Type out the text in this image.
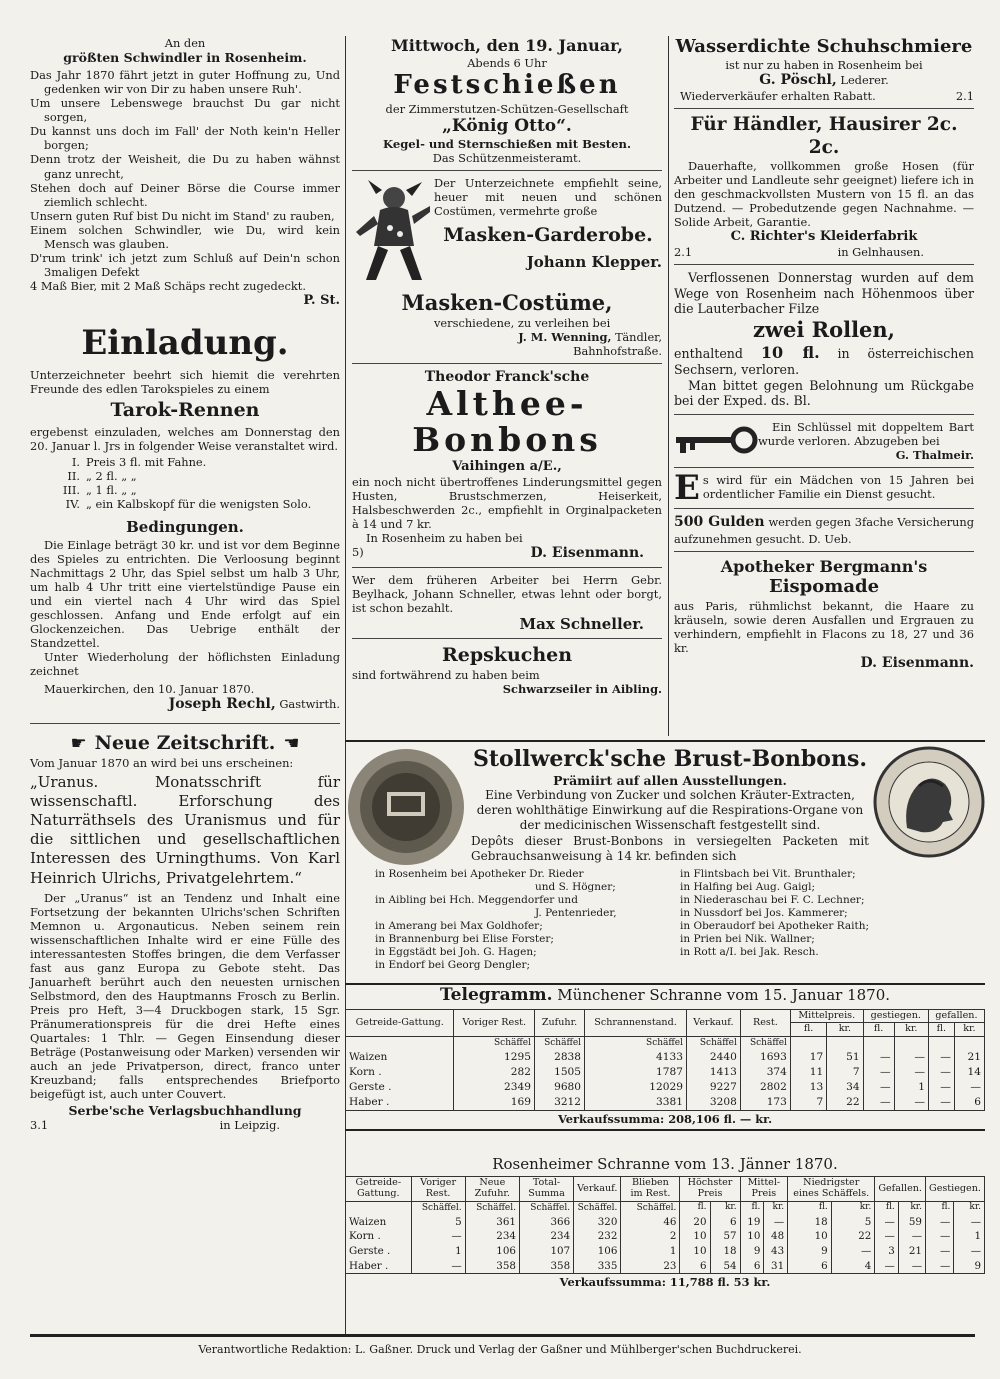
An den

größten Schwindler in Rosenheim.

Das Jahr 1870 fährt jetzt in guter Hoffnung zu, Und gedenken wir von Dir zu haben unsere Ruh'.

Um unsere Lebenswege brauchst Du gar nicht sorgen,

Du kannst uns doch im Fall' der Noth kein'n Heller borgen;

Denn trotz der Weisheit, die Du zu haben wähnst ganz unrecht,

Stehen doch auf Deiner Börse die Course immer ziemlich schlecht.

Unsern guten Ruf bist Du nicht im Stand' zu rauben,

Einem solchen Schwindler, wie Du, wird kein Mensch was glauben.

D'rum trink' ich jetzt zum Schluß auf Dein'n schon 3maligen Defekt

4 Maß Bier, mit 2 Maß Schäps recht zugedeckt.

P. St.

Einladung.

Unterzeichneter beehrt sich hiemit die verehrten Freunde des edlen Tarokspieles zu einem

Tarok-Rennen

ergebenst einzuladen, welches am Donnerstag den 20. Januar l. Jrs in folgender Weise veranstaltet wird.

I. Preis 3 fl. mit Fahne.
II. „ 2 fl. „ „
III. „ 1 fl. „ „
IV. „ ein Kalbskopf für die wenigsten Solo.

Bedingungen.

Die Einlage beträgt 30 kr. und ist vor dem Beginne des Spieles zu entrichten. Die Verloosung beginnt Nachmittags 2 Uhr, das Spiel selbst um halb 3 Uhr, um halb 4 Uhr tritt eine viertelstündige Pause ein und ein viertel nach 4 Uhr wird das Spiel geschlossen. Anfang und Ende erfolgt auf ein Glockenzeichen. Das Uebrige enthält der Standzettel.

Unter Wiederholung der höflichsten Einladung zeichnet

Mauerkirchen, den 10. Januar 1870.

Joseph Rechl, Gastwirth.

☛ Neue Zeitschrift. ☚

Vom Januar 1870 an wird bei uns erscheinen:

„Uranus. Monatsschrift für wissenschaftl. Erforschung des Naturräthsels des Uranismus und für die sittlichen und gesellschaftlichen Interessen des Urningthums. Von Karl Heinrich Ulrichs, Privatgelehrtem.“

Der „Uranus“ ist an Tendenz und Inhalt eine Fortsetzung der bekannten Ulrichs'schen Schriften Memnon u. Argonauticus. Neben seinem rein wissenschaftlichen Inhalte wird er eine Fülle des interessantesten Stoffes bringen, die dem Verfasser fast aus ganz Europa zu Gebote steht. Das Januarheft berührt auch den neuesten urnischen Selbstmord, den des Hauptmanns Frosch zu Berlin. Preis pro Heft, 3—4 Druckbogen stark, 15 Sgr. Pränumerationspreis für die drei Hefte eines Quartales: 1 Thlr. — Gegen Einsendung dieser Beträge (Postanweisung oder Marken) versenden wir auch an jede Privatperson, direct, franco unter Kreuzband; falls entsprechendes Briefporto beigefügt ist, auch unter Couvert.

Serbe'sche Verlagsbuchhandlung

3.1	in Leipzig.

Mittwoch, den 19. Januar,

Abends 6 Uhr

Festschießen

der Zimmerstutzen-Schützen-Gesellschaft

„König Otto“.

Kegel- und Sternschießen mit Besten.

Das Schützenmeisteramt.

Der Unterzeichnete empfiehlt seine, heuer mit neuen und schönen Costümen, vermehrte große

Masken-Garderobe.

Johann Klepper.

Masken-Costüme,

verschiedene, zu verleihen bei

J. M. Wenning, Tändler,

Bahnhofstraße.

Theodor Franck'sche

Althee-Bonbons

Vaihingen a/E.,

ein noch nicht übertroffenes Linderungsmittel gegen Husten, Brustschmerzen, Heiserkeit, Halsbeschwerden 2c., empfiehlt in Orginalpacketen à 14 und 7 kr.

In Rosenheim zu haben bei

5)	D. Eisenmann.

Wer dem früheren Arbeiter bei Herrn Gebr. Beylhack, Johann Schneller, etwas lehnt oder borgt, ist schon bezahlt.

Max Schneller.

Repskuchen

sind fortwährend zu haben beim

Schwarzseiler in Aibling.

Wasserdichte Schuhschmiere

ist nur zu haben in Rosenheim bei

G. Pöschl, Lederer.

Wiederverkäufer erhalten Rabatt.	2.1

Für Händler, Hausirer 2c. 2c.

Dauerhafte, vollkommen große Hosen (für Arbeiter und Landleute sehr geeignet) liefere ich in den geschmackvollsten Mustern von 15 fl. an das Dutzend. — Probedutzende gegen Nachnahme. — Solide Arbeit, Garantie.

C. Richter's Kleiderfabrik

2.1	in Gelnhausen.

Verflossenen Donnerstag wurden auf dem Wege von Rosenheim nach Höhenmoos über die Lauterbacher Filze

zwei Rollen,

enthaltend 10 fl. in österreichischen Sechsern, verloren.

Man bittet gegen Belohnung um Rückgabe bei der Exped. ds. Bl.

Ein Schlüssel mit doppeltem Bart wurde verloren. Abzugeben bei

G. Thalmeir.

E s wird für ein Mädchen von 15 Jahren bei ordentlicher Familie ein Dienst gesucht.

500 Gulden werden gegen 3fache Versicherung aufzunehmen gesucht. D. Ueb.

Apotheker Bergmann's

Eispomade

aus Paris, rühmlichst bekannt, die Haare zu kräuseln, sowie deren Ausfallen und Ergrauen zu verhindern, empfiehlt in Flacons zu 18, 27 und 36 kr.

D. Eisenmann.

Stollwerck'sche Brust-Bonbons.

Prämiirt auf allen Ausstellungen.

Eine Verbindung von Zucker und solchen Kräuter-Extracten, deren wohlthätige Einwirkung auf die Respirations-Organe von der medicinischen Wissenschaft festgestellt sind.

Depôts dieser Brust-Bonbons in versiegelten Packeten mit Gebrauchsanweisung à 14 kr. befinden sich

in Rosenheim bei Apotheker Dr. Rieder

und S. Högner;

in Aibling bei Hch. Meggendorfer und

J. Pentenrieder,

in Amerang bei Max Goldhofer;

in Brannenburg bei Elise Forster;

in Eggstädt bei Joh. G. Hagen;

in Endorf bei Georg Dengler;

in Flintsbach bei Vit. Brunthaler;

in Halfing bei Aug. Gaigl;

in Niederaschau bei F. C. Lechner;

in Nussdorf bei Jos. Kammerer;

in Oberaudorf bei Apotheker Raith;

in Prien bei Nik. Wallner;

in Rott a/I. bei Jak. Resch.

Telegramm. Münchener Schranne vom 15. Januar 1870.

Getreide-Gattung.	Voriger Rest.	Zufuhr.	Schrannenstand.	Verkauf.	Rest.	Mittelpreis.		gestiegen.		gefallen.	
						fl.	kr.	fl.	kr.	fl.	kr.
	Schäffel	Schäffel	Schäffel	Schäffel	Schäffel						
Waizen	1295	2838	4133	2440	1693	17	51	—	—	—	21
Korn .	282	1505	1787	1413	374	11	7	—	—	—	14
Gerste .	2349	9680	12029	9227	2802	13	34	—	1	—	—
Haber .	169	3212	3381	3208	173	7	22	—	—	—	6

Verkaufssumma: 208,106 fl. — kr.

Rosenheimer Schranne vom 13. Jänner 1870.

Getreide-Gattung.	Voriger Rest.	Neue Zufuhr.	Total-Summa	Verkauf.	Blieben im Rest.	Höchster Preis		Mittel-Preis		Niedrigster eines Schäffels.		Gefallen.		Gestiegen.	

	Schäffel.	Schäffel.	Schäffel.	Schäffel.	Schäffel.	fl.	kr.	fl.	kr.	fl.	kr.	fl.	kr.	fl.	kr.
Waizen	5	361	366	320	46	20	6	19	—	18	5	—	59	—	—
Korn .	—	234	234	232	2	10	57	10	48	10	22	—	—	—	1
Gerste .	1	106	107	106	1	10	18	9	43	9	—	3	21	—	—
Haber .	—	358	358	335	23	6	54	6	31	6	4	—	—	—	9

Verkaufssumma: 11,788 fl. 53 kr.

Verantwortliche Redaktion: L. Gaßner. Druck und Verlag der Gaßner und Mühlberger'schen Buchdruckerei.
